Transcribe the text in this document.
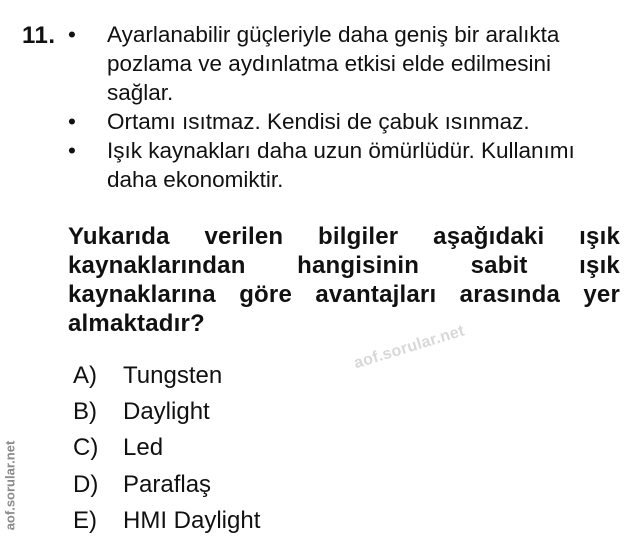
11. •	Ayarlanabilir güçleriyle daha geniş bir aralıkta pozlama ve aydınlatma etkisi elde edilmesini sağlar.
•	Ortamı ısıtmaz. Kendisi de çabuk ısınmaz.
•	Işık kaynakları daha uzun ömürlüdür. Kullanımı daha ekonomiktir.
Yukarıda verilen bilgiler aşağıdaki ışık kaynaklarından hangisinin sabit ışık kaynaklarına göre avantajları arasında yer almaktadır?	aof.sorular.net
A)	Tungsten
B)	Daylight
C)	Led
D)	Paraflaş
E)	HMI Daylight
aof.sorular.net
